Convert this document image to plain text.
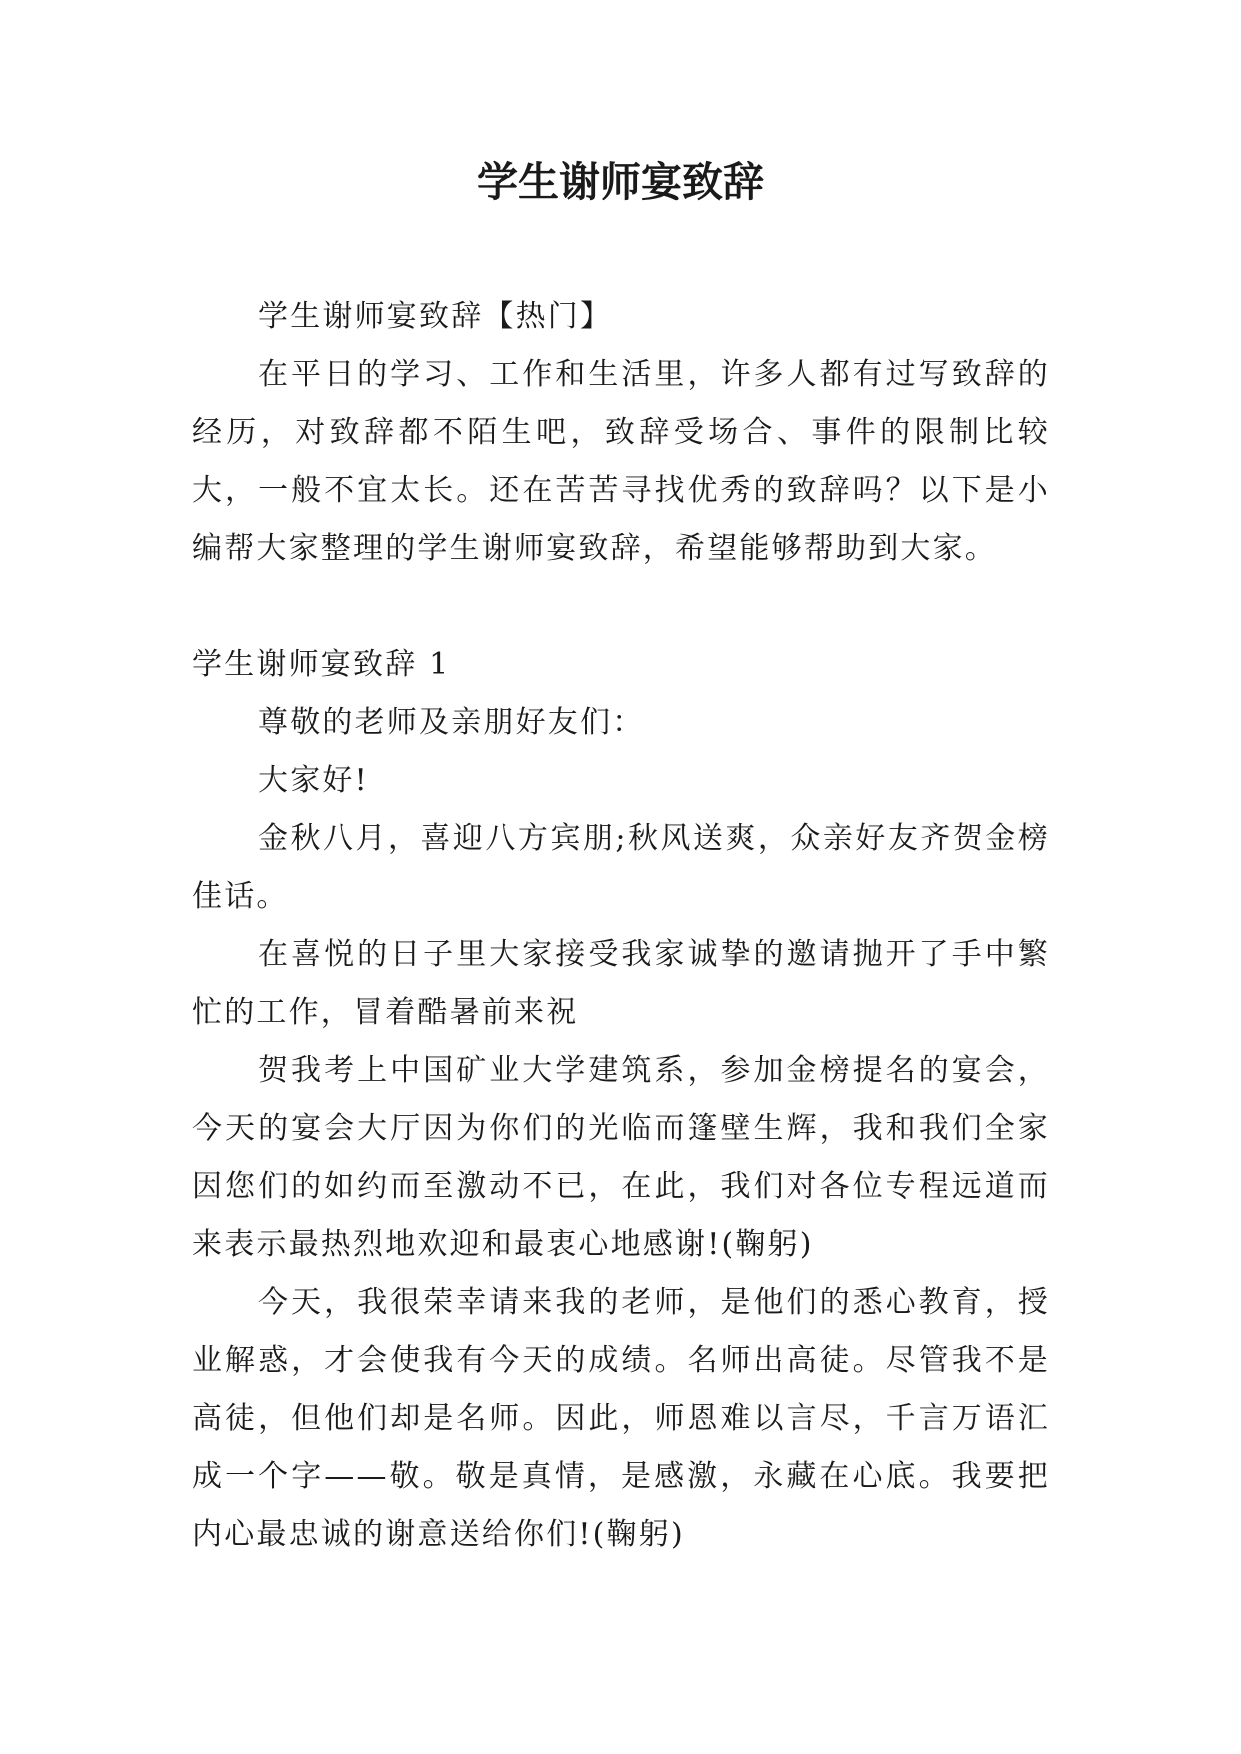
学生谢师宴致辞

学生谢师宴致辞【热门】

在平日的学习、工作和生活里，许多人都有过写致辞的经历，对致辞都不陌生吧，致辞受场合、事件的限制比较大，一般不宜太长。还在苦苦寻找优秀的致辞吗？以下是小编帮大家整理的学生谢师宴致辞，希望能够帮助到大家。

学生谢师宴致辞 1

尊敬的老师及亲朋好友们：

大家好!

金秋八月，喜迎八方宾朋;秋风送爽，众亲好友齐贺金榜佳话。

在喜悦的日子里大家接受我家诚挚的邀请抛开了手中繁忙的工作，冒着酷暑前来祝

贺我考上中国矿业大学建筑系，参加金榜提名的宴会，今天的宴会大厅因为你们的光临而篷壁生辉，我和我们全家因您们的如约而至激动不已，在此，我们对各位专程远道而来表示最热烈地欢迎和最衷心地感谢!(鞠躬)

今天，我很荣幸请来我的老师，是他们的悉心教育，授业解惑，才会使我有今天的成绩。名师出高徒。尽管我不是高徒，但他们却是名师。因此，师恩难以言尽，千言万语汇成一个字——敬。敬是真情，是感激，永藏在心底。我要把内心最忠诚的谢意送给你们!(鞠躬)
